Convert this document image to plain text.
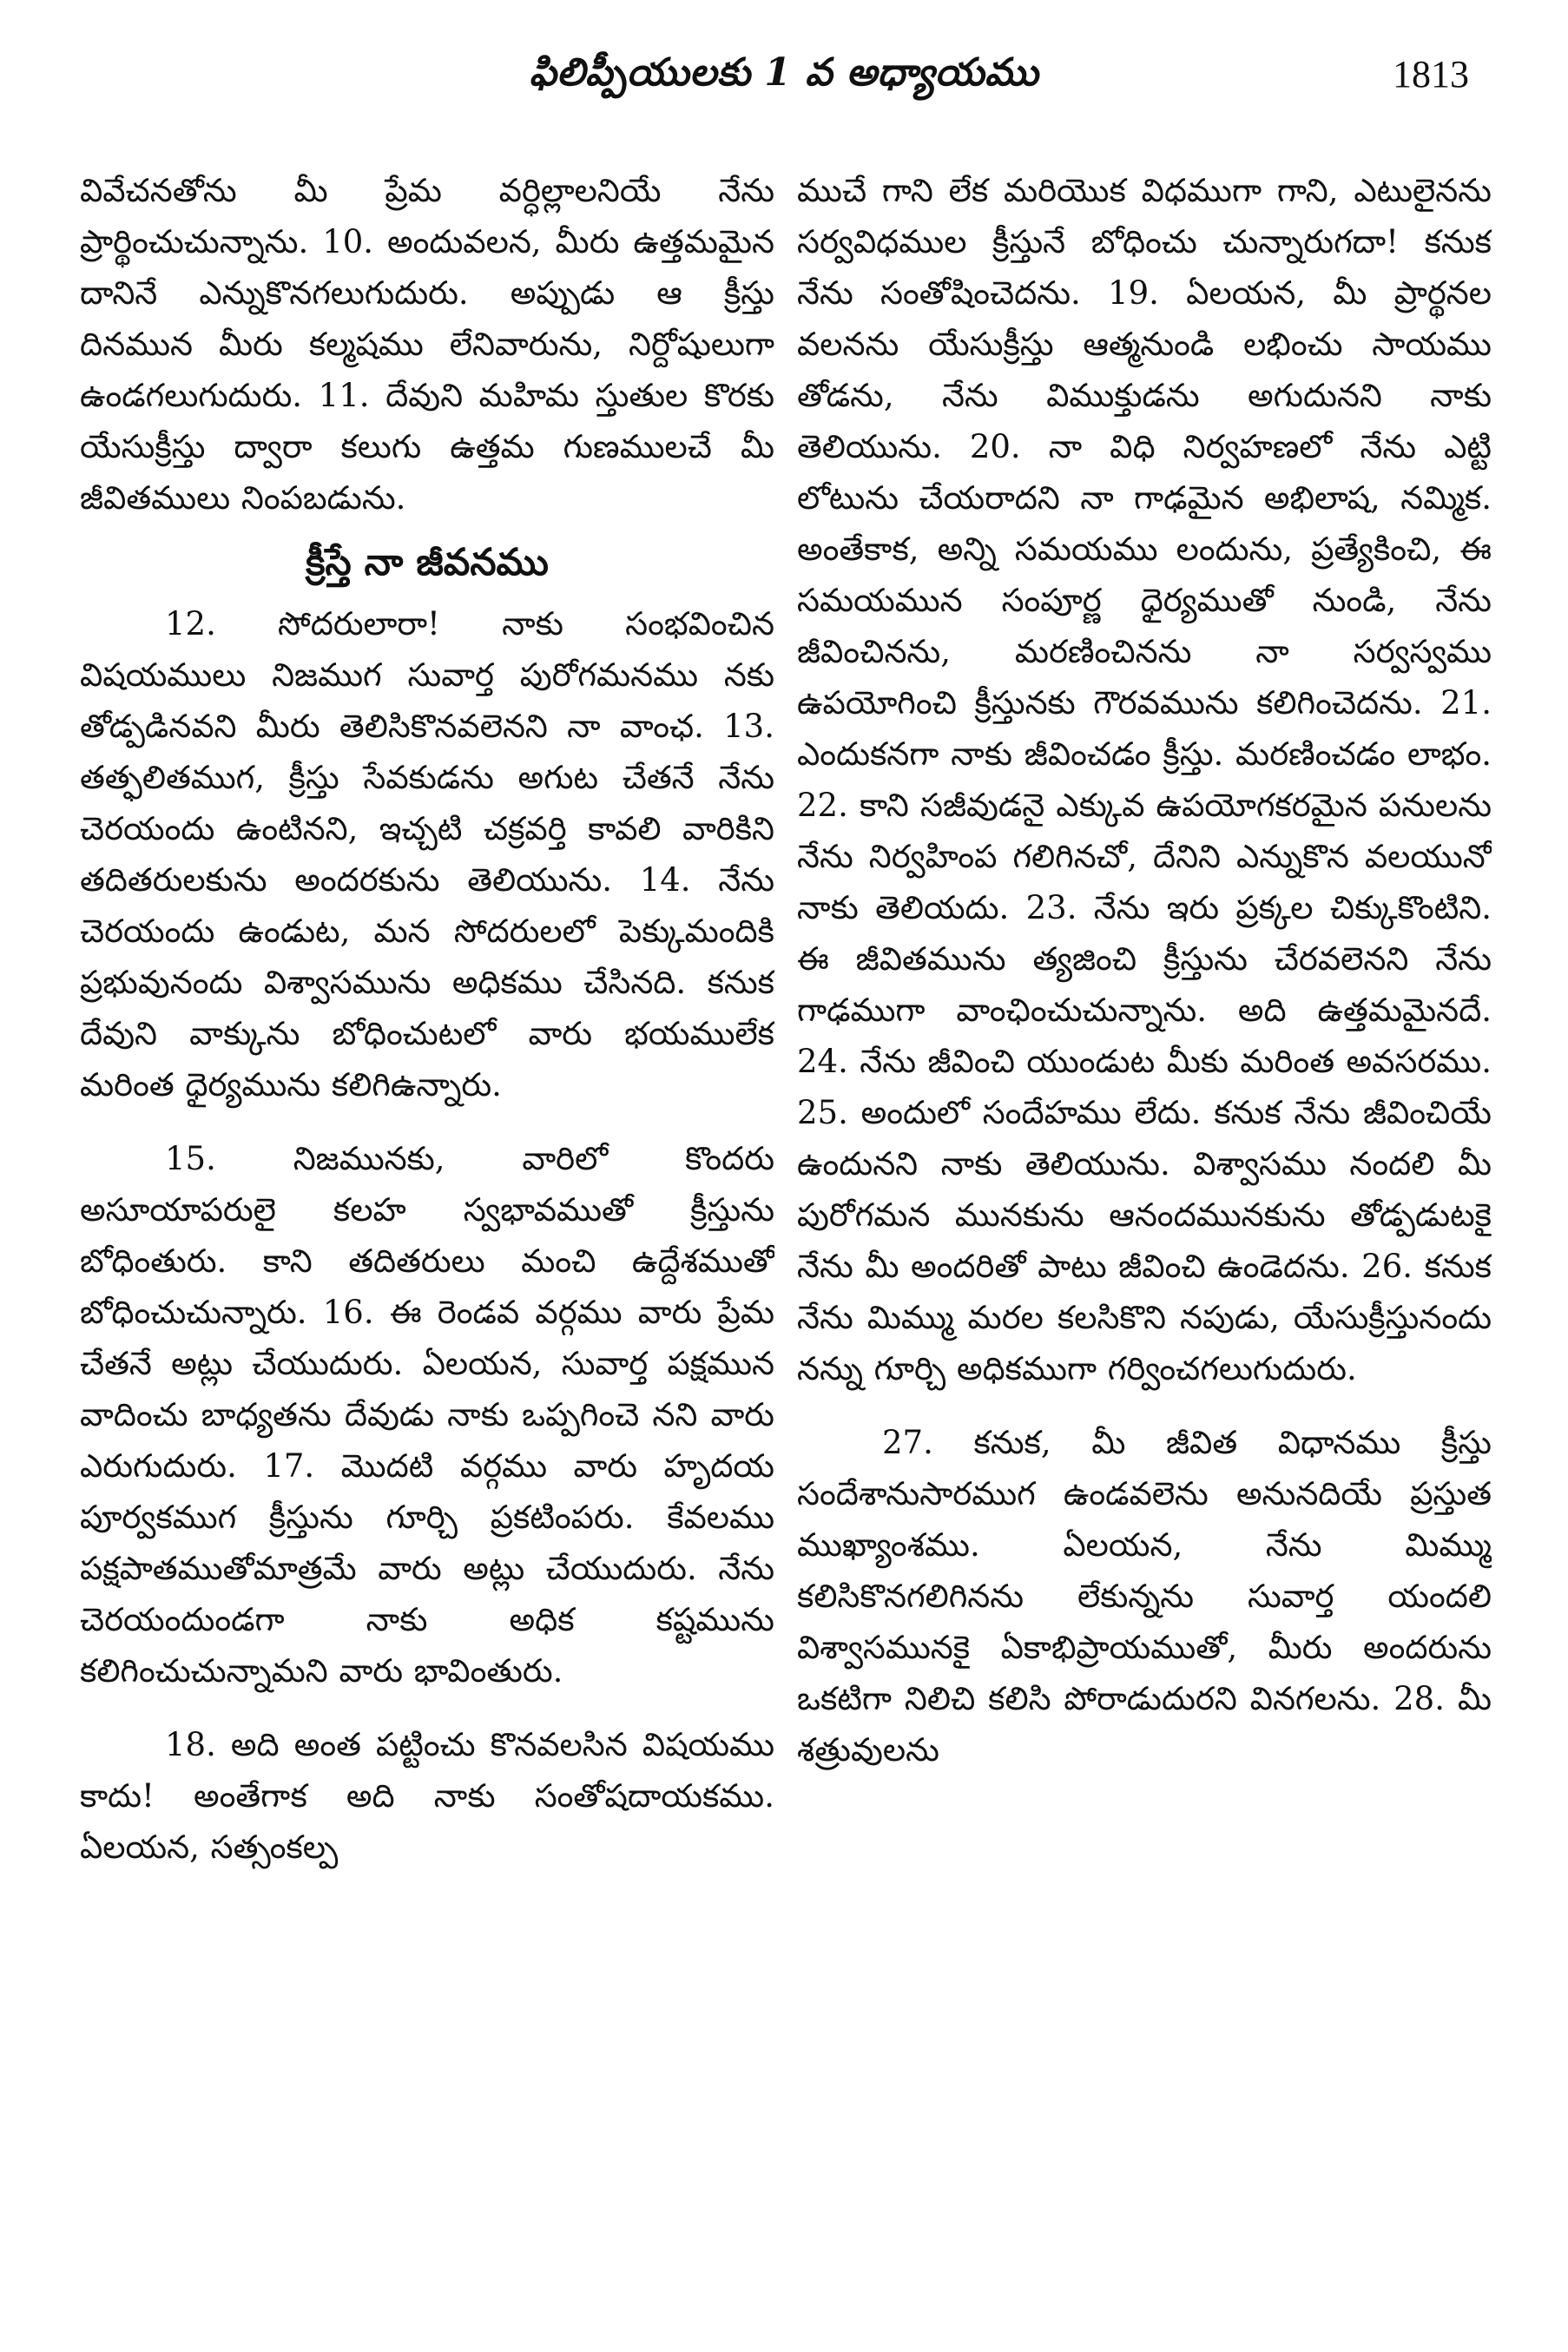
ఫిలిప్పీయులకు 1 వ అధ్యాయము	1813

వివేచనతోను మీ ప్రేమ వర్ధిల్లాలనియే నేను ప్రార్థించుచున్నాను. 10. అందువలన, మీరు ఉత్తమమైన దానినే ఎన్నుకొనగలుగుదురు. అప్పుడు ఆ క్రీస్తు దినమున మీరు కల్మషము లేనివారును, నిర్దోషులుగా ఉండగలుగుదురు. 11. దేవుని మహిమ స్తుతుల కొరకు యేసుక్రీస్తు ద్వారా కలుగు ఉత్తమ గుణములచే మీ జీవితములు నింపబడును.

క్రీస్తే నా జీవనము

12. సోదరులారా! నాకు సంభవించిన విషయములు నిజముగ సువార్త పురోగమనము నకు తోడ్పడినవని మీరు తెలిసికొనవలెనని నా వాంఛ. 13. తత్ఫలితముగ, క్రీస్తు సేవకుడను అగుట చేతనే నేను చెరయందు ఉంటినని, ఇచ్చటి చక్రవర్తి కావలి వారికిని తదితరులకును అందరకును తెలియును. 14. నేను చెరయందు ఉండుట, మన సోదరులలో పెక్కుమందికి ప్రభువునందు విశ్వాసమును అధికము చేసినది. కనుక దేవుని వాక్కును బోధించుటలో వారు భయములేక మరింత ధైర్యమును కలిగిఉన్నారు.

15. నిజమునకు, వారిలో కొందరు అసూయాపరులై కలహ స్వభావముతో క్రీస్తును బోధింతురు. కాని తదితరులు మంచి ఉద్దేశముతో బోధించుచున్నారు. 16. ఈ రెండవ వర్గము వారు ప్రేమ చేతనే అట్లు చేయుదురు. ఏలయన, సువార్త పక్షమున వాదించు బాధ్యతను దేవుడు నాకు ఒప్పగించె నని వారు ఎరుగుదురు. 17. మొదటి వర్గము వారు హృదయ పూర్వకముగ క్రీస్తును గూర్చి ప్రకటింపరు. కేవలము పక్షపాతముతోమాత్రమే వారు అట్లు చేయుదురు. నేను చెరయందుండగా నాకు అధిక కష్టమును కలిగించుచున్నామని వారు భావింతురు.

18. అది అంత పట్టించు కొనవలసిన విషయము కాదు! అంతేగాక అది నాకు సంతోషదాయకము. ఏలయన, సత్సంకల్ప

ముచే గాని లేక మరియొక విధముగా గాని, ఎటులైనను సర్వవిధముల క్రీస్తునే బోధించు చున్నారుగదా! కనుక నేను సంతోషించెదను. 19. ఏలయన, మీ ప్రార్థనల వలనను యేసుక్రీస్తు ఆత్మనుండి లభించు సాయము తోడను, నేను విముక్తుడను అగుదునని నాకు తెలియును. 20. నా విధి నిర్వహణలో నేను ఎట్టి లోటును చేయరాదని నా గాఢమైన అభిలాష, నమ్మిక. అంతేకాక, అన్ని సమయము లందును, ప్రత్యేకించి, ఈ సమయమున సంపూర్ణ ధైర్యముతో నుండి, నేను జీవించినను, మరణించినను నా సర్వస్వము ఉపయోగించి క్రీస్తునకు గౌరవమును కలిగించెదను. 21. ఎందుకనగా నాకు జీవించడం క్రీస్తు. మరణించడం లాభం. 22. కాని సజీవుడనై ఎక్కువ ఉపయోగకరమైన పనులను నేను నిర్వహింప గలిగినచో, దేనిని ఎన్నుకొన వలయునో నాకు తెలియదు. 23. నేను ఇరు ప్రక్కల చిక్కుకొంటిని. ఈ జీవితమును త్యజించి క్రీస్తును చేరవలెనని నేను గాఢముగా వాంఛించుచున్నాను. అది ఉత్తమమైనదే. 24. నేను జీవించి యుండుట మీకు మరింత అవసరము. 25. అందులో సందేహము లేదు. కనుక నేను జీవించియే ఉందునని నాకు తెలియును. విశ్వాసము నందలి మీ పురోగమన మునకును ఆనందమునకును తోడ్పడుటకై నేను మీ అందరితో పాటు జీవించి ఉండెదను. 26. కనుక నేను మిమ్ము మరల కలసికొని నపుడు, యేసుక్రీస్తునందు నన్ను గూర్చి అధికముగా గర్వించగలుగుదురు.

27. కనుక, మీ జీవిత విధానము క్రీస్తు సందేశానుసారముగ ఉండవలెను అనునదియే ప్రస్తుత ముఖ్యాంశము. ఏలయన, నేను మిమ్ము కలిసికొనగలిగినను లేకున్నను సువార్త యందలి విశ్వాసమునకై ఏకాభిప్రాయముతో, మీరు అందరును ఒకటిగా నిలిచి కలిసి పోరాడుదురని వినగలను. 28. మీ శత్రువులను
